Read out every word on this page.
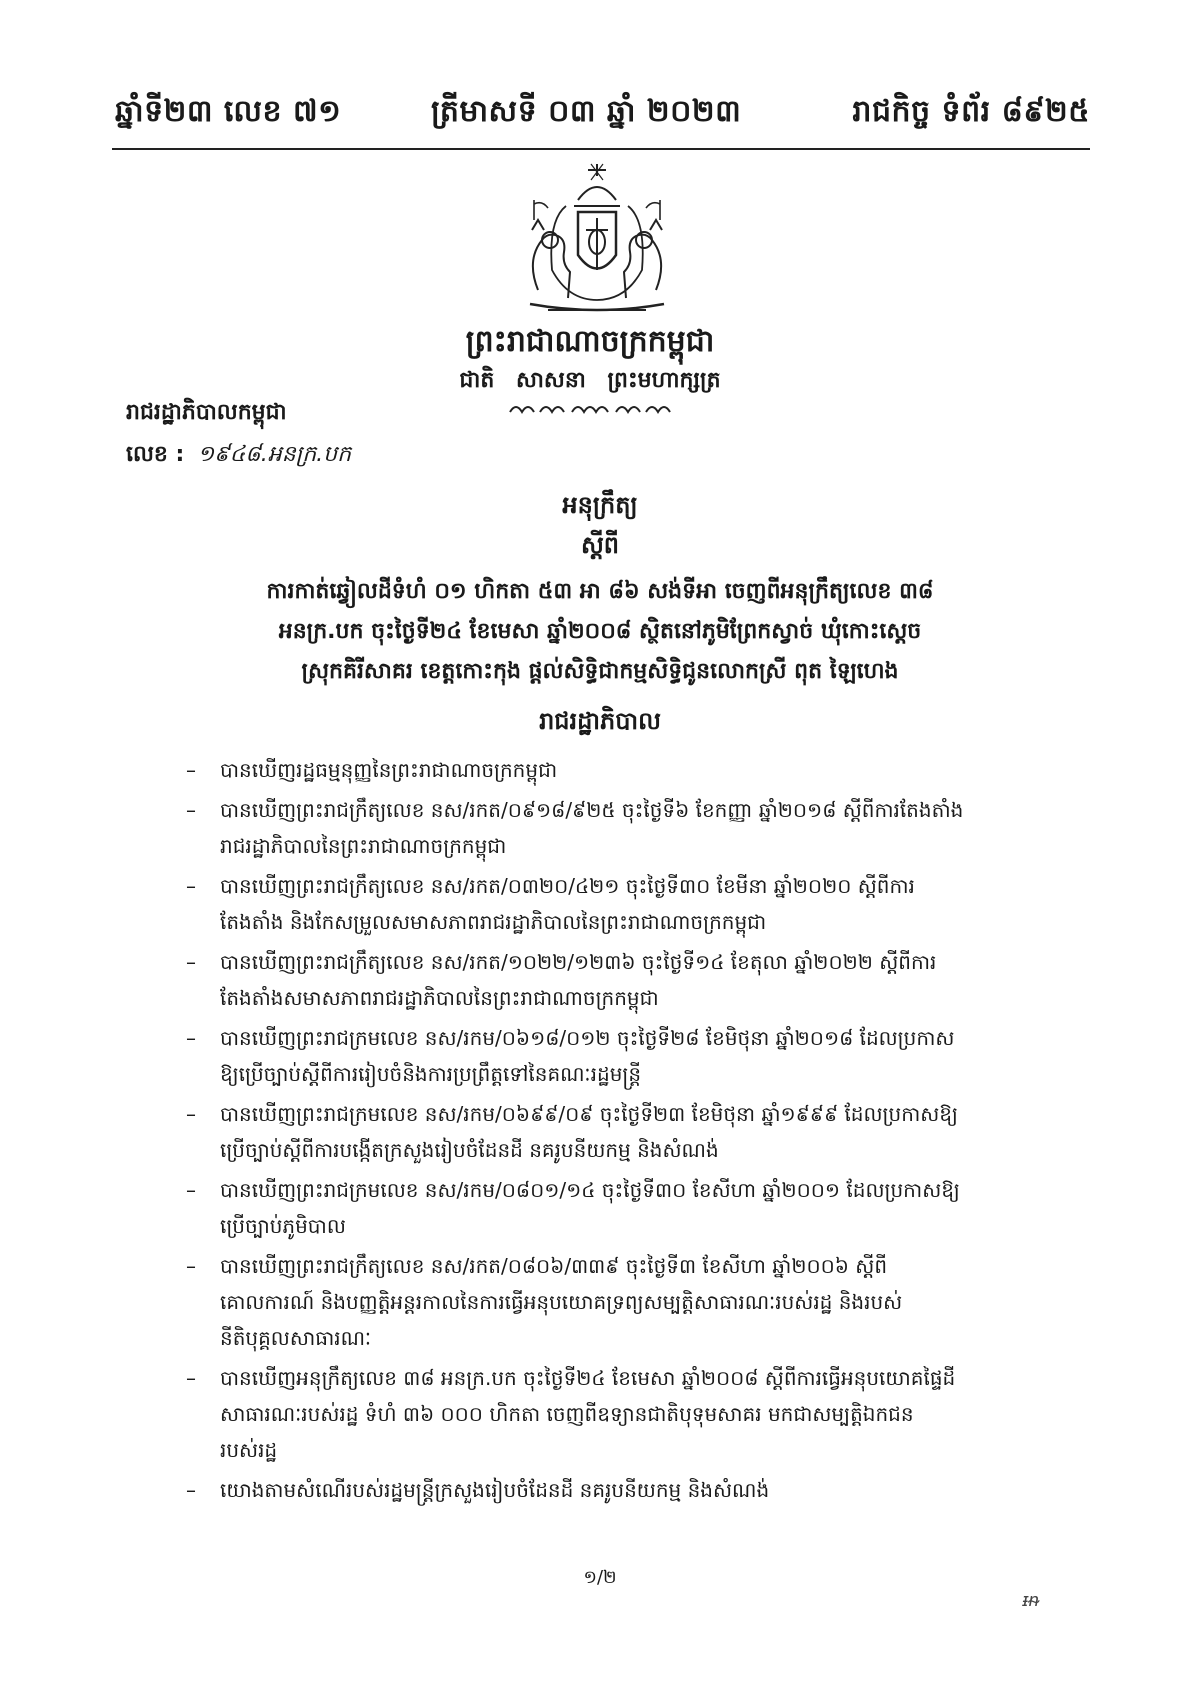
ឆ្នាំទី២៣ លេខ ៧១	ត្រីមាសទី ០៣ ឆ្នាំ ២០២៣	រាជកិច្ច ទំព័រ ៨៩២៥
ព្រះរាជាណាចក្រកម្ពុជា
ជាតិ សាសនា ព្រះមហាក្សត្រ
រាជរដ្ឋាភិបាលកម្ពុជា
លេខ : ១៩៤៨.អនក្រ.បក
អនុក្រឹត្យ
ស្តីពី
ការកាត់ឆ្វៀលដីទំហំ ០១ ហិកតា ៥៣ អា ៨៦ សង់ទីអា ចេញពីអនុក្រឹត្យលេខ ៣៨
អនក្រ.បក ចុះថ្ងៃទី២៤ ខែមេសា ឆ្នាំ២០០៨ ស្ថិតនៅភូមិព្រែកស្វាច់ ឃុំកោះស្តេច
ស្រុកគិរីសាគរ ខេត្តកោះកុង ផ្តល់សិទ្ធិជាកម្មសិទ្ធិជូនលោកស្រី ពុត ឡៃហេង
រាជរដ្ឋាភិបាល
– បានឃើញរដ្ឋធម្មនុញ្ញនៃព្រះរាជាណាចក្រកម្ពុជា
– បានឃើញព្រះរាជក្រឹត្យលេខ នស/រកត/០៩១៨/៩២៥ ចុះថ្ងៃទី៦ ខែកញ្ញា ឆ្នាំ២០១៨ ស្តីពីការតែងតាំង
រាជរដ្ឋាភិបាលនៃព្រះរាជាណាចក្រកម្ពុជា
– បានឃើញព្រះរាជក្រឹត្យលេខ នស/រកត/០៣២០/៤២១ ចុះថ្ងៃទី៣០ ខែមីនា ឆ្នាំ២០២០ ស្តីពីការ
តែងតាំង និងកែសម្រួលសមាសភាពរាជរដ្ឋាភិបាលនៃព្រះរាជាណាចក្រកម្ពុជា
– បានឃើញព្រះរាជក្រឹត្យលេខ នស/រកត/១០២២/១២៣៦ ចុះថ្ងៃទី១៤ ខែតុលា ឆ្នាំ២០២២ ស្តីពីការ
តែងតាំងសមាសភាពរាជរដ្ឋាភិបាលនៃព្រះរាជាណាចក្រកម្ពុជា
– បានឃើញព្រះរាជក្រមលេខ នស/រកម/០៦១៨/០១២ ចុះថ្ងៃទី២៨ ខែមិថុនា ឆ្នាំ២០១៨ ដែលប្រកាស
ឱ្យប្រើច្បាប់ស្តីពីការរៀបចំនិងការប្រព្រឹត្តទៅនៃគណៈរដ្ឋមន្ត្រី
– បានឃើញព្រះរាជក្រមលេខ នស/រកម/០៦៩៩/០៩ ចុះថ្ងៃទី២៣ ខែមិថុនា ឆ្នាំ១៩៩៩ ដែលប្រកាសឱ្យ
ប្រើច្បាប់ស្តីពីការបង្កើតក្រសួងរៀបចំដែនដី នគរូបនីយកម្ម និងសំណង់
– បានឃើញព្រះរាជក្រមលេខ នស/រកម/០៨០១/១៤ ចុះថ្ងៃទី៣០ ខែសីហា ឆ្នាំ២០០១ ដែលប្រកាសឱ្យ
ប្រើច្បាប់ភូមិបាល
– បានឃើញព្រះរាជក្រឹត្យលេខ នស/រកត/០៨០៦/៣៣៩ ចុះថ្ងៃទី៣ ខែសីហា ឆ្នាំ២០០៦ ស្តីពី
គោលការណ៍ និងបញ្ញត្តិអន្តរកាលនៃការធ្វើអនុបយោគទ្រព្យសម្បត្តិសាធារណៈរបស់រដ្ឋ និងរបស់
នីតិបុគ្គលសាធារណៈ
– បានឃើញអនុក្រឹត្យលេខ ៣៨ អនក្រ.បក ចុះថ្ងៃទី២៤ ខែមេសា ឆ្នាំ២០០៨ ស្តីពីការធ្វើអនុបយោគផ្ទៃដី
សាធារណៈរបស់រដ្ឋ ទំហំ ៣៦ ០០០ ហិកតា ចេញពីឧទ្យានជាតិបុទុមសាគរ មកជាសម្បត្តិឯកជន
របស់រដ្ឋ
– យោងតាមសំណើរបស់រដ្ឋមន្ត្រីក្រសួងរៀបចំដែនដី នគរូបនីយកម្ម និងសំណង់
១/២
ᵻᵰ
